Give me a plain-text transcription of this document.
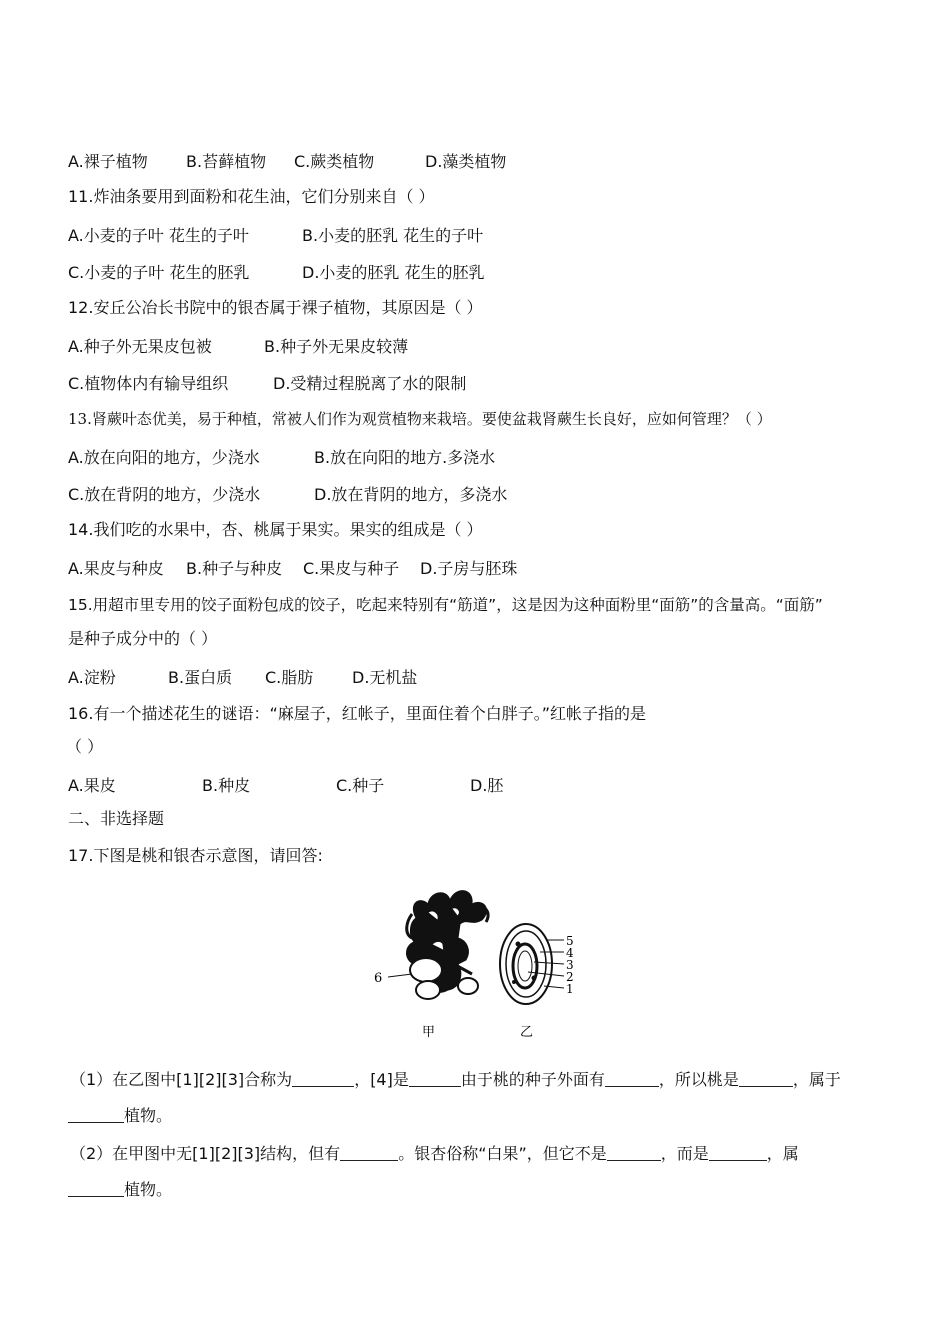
A.裸子植物 B.苔藓植物 C.蕨类植物	D.藻类植物
11.炸油条要用到面粉和花生油，它们分别来自（ ）
A.小麦的子叶 花生的子叶	B.小麦的胚乳 花生的子叶
C.小麦的子叶 花生的胚乳	D.小麦的胚乳 花生的胚乳
12.安丘公冶长书院中的银杏属于裸子植物，其原因是（ ）
A.种子外无果皮包被	B.种子外无果皮较薄
C.植物体内有输导组织	D.受精过程脱离了水的限制
13.肾蕨叶态优美，易于种植，常被人们作为观赏植物来栽培。要使盆栽肾蕨生长良好，应如何管理？（ ）
A.放在向阳的地方，少浇水	B.放在向阳的地方.多浇水
C.放在背阴的地方，少浇水	D.放在背阴的地方，多浇水
14.我们吃的水果中，杏、桃属于果实。果实的组成是（ ）
A.果皮与种皮 B.种子与种皮 C.果皮与种子 D.子房与胚珠
15.用超市里专用的饺子面粉包成的饺子，吃起来特别有“筋道”，这是因为这种面粉里“面筋”的含量高。“面筋”
是种子成分中的（ ）
A.淀粉	B.蛋白质 C.脂肪 D.无机盐
16.有一个描述花生的谜语：“麻屋子，红帐子，里面住着个白胖子。”红帐子指的是
（ ）
A.果皮	B.种皮	C.种子	D.胚
二、非选择题
17.下图是桃和银杏示意图，请回答:
6
甲
5
4
3
2
1
乙
（1）在乙图中[1][2][3]合称为	，[4]是	由于桃的种子外面有	，所以桃是	，属于
植物。
（2）在甲图中无[1][2][3]结构，但有	。银杏俗称“白果”，但它不是	，而是	，属
植物。
